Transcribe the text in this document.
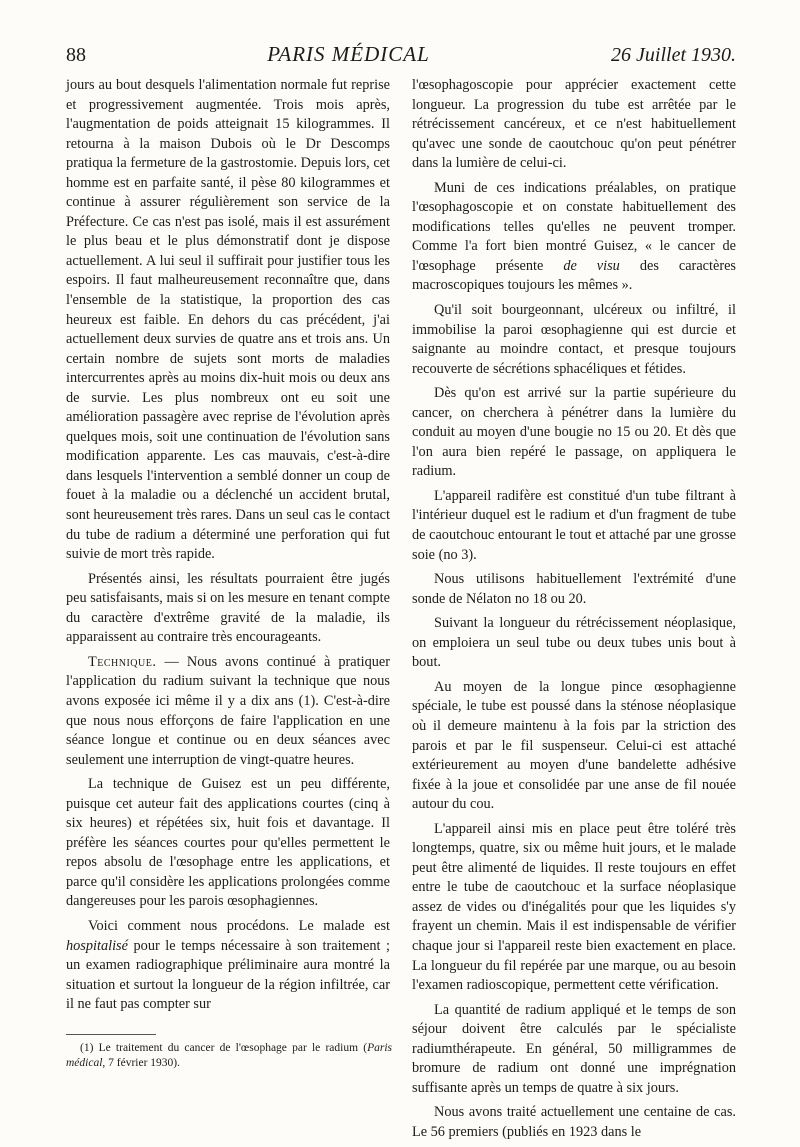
88	PARIS MÉDICAL	26 Juillet 1930.

jours au bout desquels l'alimentation normale fut reprise et progressivement augmentée. Trois mois après, l'augmentation de poids atteignait 15 kilogrammes. Il retourna à la maison Dubois où le Dr Descomps pratiqua la fermeture de la gastrostomie. Depuis lors, cet homme est en parfaite santé, il pèse 80 kilogrammes et continue à assurer régulièrement son service de la Préfecture. Ce cas n'est pas isolé, mais il est assurément le plus beau et le plus démonstratif dont je dispose actuellement. A lui seul il suffirait pour justifier tous les espoirs. Il faut malheureusement reconnaître que, dans l'ensemble de la statistique, la proportion des cas heureux est faible. En dehors du cas précédent, j'ai actuellement deux survies de quatre ans et trois ans. Un certain nombre de sujets sont morts de maladies intercurrentes après au moins dix-huit mois ou deux ans de survie. Les plus nombreux ont eu soit une amélioration passagère avec reprise de l'évolution après quelques mois, soit une continuation de l'évolution sans modification apparente. Les cas mauvais, c'est-à-dire dans lesquels l'intervention a semblé donner un coup de fouet à la maladie ou a déclenché un accident brutal, sont heureusement très rares. Dans un seul cas le contact du tube de radium a déterminé une perforation qui fut suivie de mort très rapide.

Présentés ainsi, les résultats pourraient être jugés peu satisfaisants, mais si on les mesure en tenant compte du caractère d'extrême gravité de la maladie, ils apparaissent au contraire très encourageants.

Technique. — Nous avons continué à pratiquer l'application du radium suivant la technique que nous avons exposée ici même il y a dix ans (1). C'est-à-dire que nous nous efforçons de faire l'application en une séance longue et continue ou en deux séances avec seulement une interruption de vingt-quatre heures.

La technique de Guisez est un peu différente, puisque cet auteur fait des applications courtes (cinq à six heures) et répétées six, huit fois et davantage. Il préfère les séances courtes pour qu'elles permettent le repos absolu de l'œsophage entre les applications, et parce qu'il considère les applications prolongées comme dangereuses pour les parois œsophagiennes.

Voici comment nous procédons. Le malade est hospitalisé pour le temps nécessaire à son traitement ; un examen radiographique préliminaire aura montré la situation et surtout la longueur de la région infiltrée, car il ne faut pas compter sur

(1) Le traitement du cancer de l'œsophage par le radium (Paris médical, 7 février 1930).

l'œsophagoscopie pour apprécier exactement cette longueur. La progression du tube est arrêtée par le rétrécissement cancéreux, et ce n'est habituellement qu'avec une sonde de caoutchouc qu'on peut pénétrer dans la lumière de celui-ci.

Muni de ces indications préalables, on pratique l'œsophagoscopie et on constate habituellement des modifications telles qu'elles ne peuvent tromper. Comme l'a fort bien montré Guisez, « le cancer de l'œsophage présente de visu des caractères macroscopiques toujours les mêmes ».

Qu'il soit bourgeonnant, ulcéreux ou infiltré, il immobilise la paroi œsophagienne qui est durcie et saignante au moindre contact, et presque toujours recouverte de sécrétions sphacéliques et fétides.

Dès qu'on est arrivé sur la partie supérieure du cancer, on cherchera à pénétrer dans la lumière du conduit au moyen d'une bougie no 15 ou 20. Et dès que l'on aura bien repéré le passage, on appliquera le radium.

L'appareil radifère est constitué d'un tube filtrant à l'intérieur duquel est le radium et d'un fragment de tube de caoutchouc entourant le tout et attaché par une grosse soie (no 3).

Nous utilisons habituellement l'extrémité d'une sonde de Nélaton no 18 ou 20.

Suivant la longueur du rétrécissement néoplasique, on emploiera un seul tube ou deux tubes unis bout à bout.

Au moyen de la longue pince œsophagienne spéciale, le tube est poussé dans la sténose néoplasique où il demeure maintenu à la fois par la striction des parois et par le fil suspenseur. Celui-ci est attaché extérieurement au moyen d'une bandelette adhésive fixée à la joue et consolidée par une anse de fil nouée autour du cou.

L'appareil ainsi mis en place peut être toléré très longtemps, quatre, six ou même huit jours, et le malade peut être alimenté de liquides. Il reste toujours en effet entre le tube de caoutchouc et la surface néoplasique assez de vides ou d'inégalités pour que les liquides s'y frayent un chemin. Mais il est indispensable de vérifier chaque jour si l'appareil reste bien exactement en place. La longueur du fil repérée par une marque, ou au besoin l'examen radioscopique, permettent cette vérification.

La quantité de radium appliqué et le temps de son séjour doivent être calculés par le spécialiste radiumthérapeute. En général, 50 milligrammes de bromure de radium ont donné une imprégnation suffisante après un temps de quatre à six jours.

Nous avons traité actuellement une centaine de cas. Le 56 premiers (publiés en 1923 dans le
